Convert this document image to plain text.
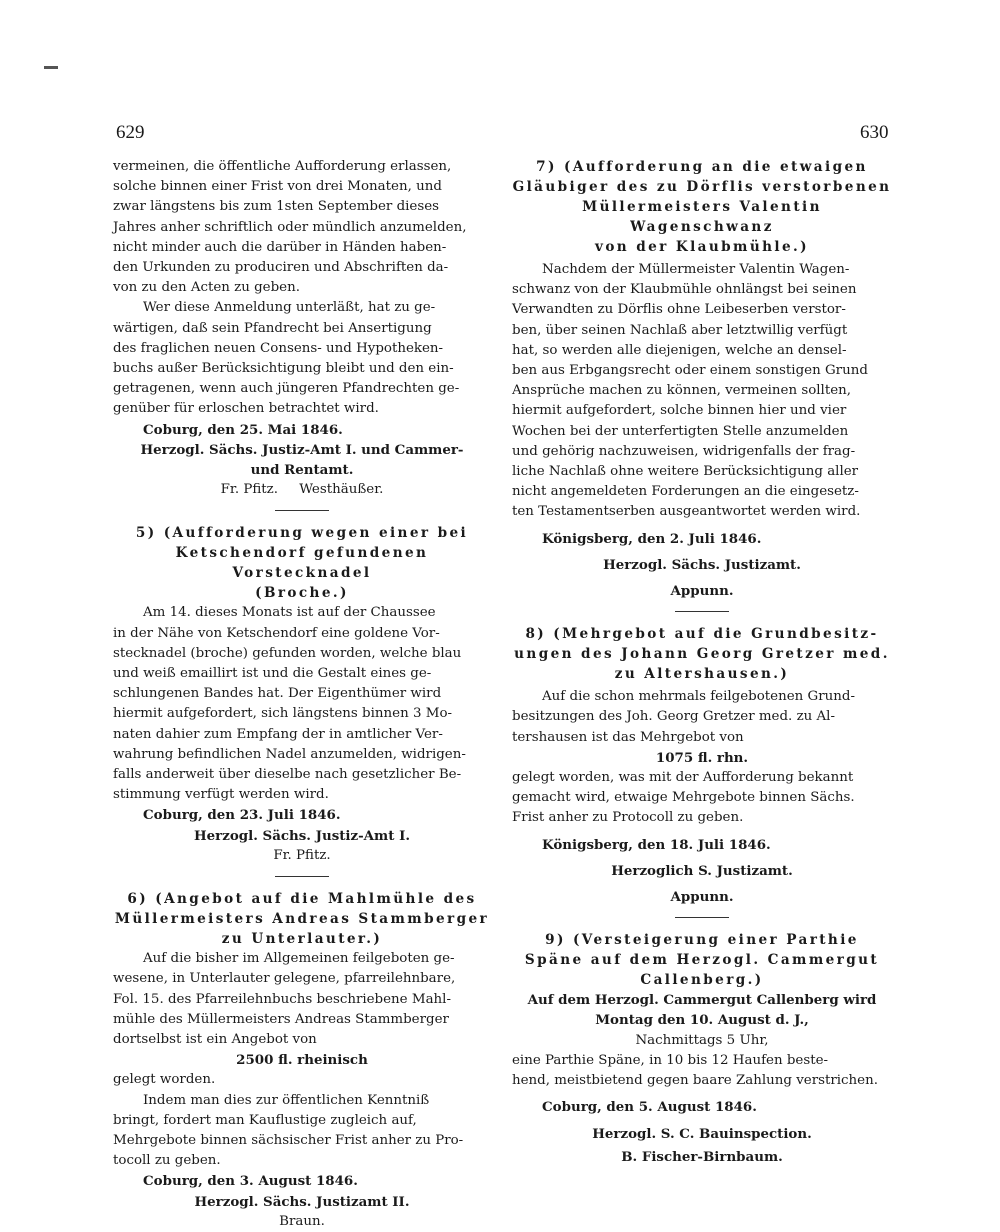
629	630

vermeinen, die öffentliche Aufforderung erlassen,

solche binnen einer Frist von drei Monaten, und

zwar längstens bis zum 1sten September dieses

Jahres anher schriftlich oder mündlich anzumelden,

nicht minder auch die darüber in Händen haben-

den Urkunden zu produciren und Abschriften da-

von zu den Acten zu geben.

Wer diese Anmeldung unterläßt, hat zu ge-

wärtigen, daß sein Pfandrecht bei Ansertigung

des fraglichen neuen Consens- und Hypotheken-

buchs außer Berücksichtigung bleibt und den ein-

getragenen, wenn auch jüngeren Pfandrechten ge-

genüber für erloschen betrachtet wird.

Coburg, den 25. Mai 1846.

Herzogl. Sächs. Justiz-Amt I. und Cammer-

und Rentamt.

Fr. Pfitz.     Westhäußer.

5) (Aufforderung wegen einer bei

Ketschendorf gefundenen Vorstecknadel

(Broche.)

Am 14. dieses Monats ist auf der Chaussee

in der Nähe von Ketschendorf eine goldene Vor-

stecknadel (broche) gefunden worden, welche blau

und weiß emaillirt ist und die Gestalt eines ge-

schlungenen Bandes hat. Der Eigenthümer wird

hiermit aufgefordert, sich längstens binnen 3 Mo-

naten dahier zum Empfang der in amtlicher Ver-

wahrung befindlichen Nadel anzumelden, widrigen-

falls anderweit über dieselbe nach gesetzlicher Be-

stimmung verfügt werden wird.

Coburg, den 23. Juli 1846.

Herzogl. Sächs. Justiz-Amt I.

Fr. Pfitz.

6) (Angebot auf die Mahlmühle des

Müllermeisters Andreas Stammberger

zu Unterlauter.)

Auf die bisher im Allgemeinen feilgeboten ge-

wesene, in Unterlauter gelegene, pfarreilehnbare,

Fol. 15. des Pfarreilehnbuchs beschriebene Mahl-

mühle des Müllermeisters Andreas Stammberger

dortselbst ist ein Angebot von

2500 fl. rheinisch

gelegt worden.

Indem man dies zur öffentlichen Kenntniß

bringt, fordert man Kauflustige zugleich auf,

Mehrgebote binnen sächsischer Frist anher zu Pro-

tocoll zu geben.

Coburg, den 3. August 1846.

Herzogl. Sächs. Justizamt II.

Braun.

7) (Aufforderung an die etwaigen

Gläubiger des zu Dörflis verstorbenen

Müllermeisters Valentin Wagenschwanz

von der Klaubmühle.)

Nachdem der Müllermeister Valentin Wagen-

schwanz von der Klaubmühle ohnlängst bei seinen

Verwandten zu Dörflis ohne Leibeserben verstor-

ben, über seinen Nachlaß aber letztwillig verfügt

hat, so werden alle diejenigen, welche an densel-

ben aus Erbgangsrecht oder einem sonstigen Grund

Ansprüche machen zu können, vermeinen sollten,

hiermit aufgefordert, solche binnen hier und vier

Wochen bei der unterfertigten Stelle anzumelden

und gehörig nachzuweisen, widrigenfalls der frag-

liche Nachlaß ohne weitere Berücksichtigung aller

nicht angemeldeten Forderungen an die eingesetz-

ten Testamentserben ausgeantwortet werden wird.

Königsberg, den 2. Juli 1846.

Herzogl. Sächs. Justizamt.

Appunn.

8) (Mehrgebot auf die Grundbesitz-

ungen des Johann Georg Gretzer med.

zu Altershausen.)

Auf die schon mehrmals feilgebotenen Grund-

besitzungen des Joh. Georg Gretzer med. zu Al-

tershausen ist das Mehrgebot von

1075 fl. rhn.

gelegt worden, was mit der Aufforderung bekannt

gemacht wird, etwaige Mehrgebote binnen Sächs.

Frist anher zu Protocoll zu geben.

Königsberg, den 18. Juli 1846.

Herzoglich S. Justizamt.

Appunn.

9) (Versteigerung einer Parthie

Späne auf dem Herzogl. Cammergut

Callenberg.)

Auf dem Herzogl. Cammergut Callenberg wird

Montag den 10. August d. J.,

Nachmittags 5 Uhr,

eine Parthie Späne, in 10 bis 12 Haufen beste-

hend, meistbietend gegen baare Zahlung verstrichen.

Coburg, den 5. August 1846.

Herzogl. S. C. Bauinspection.

B. Fischer-Birnbaum.
